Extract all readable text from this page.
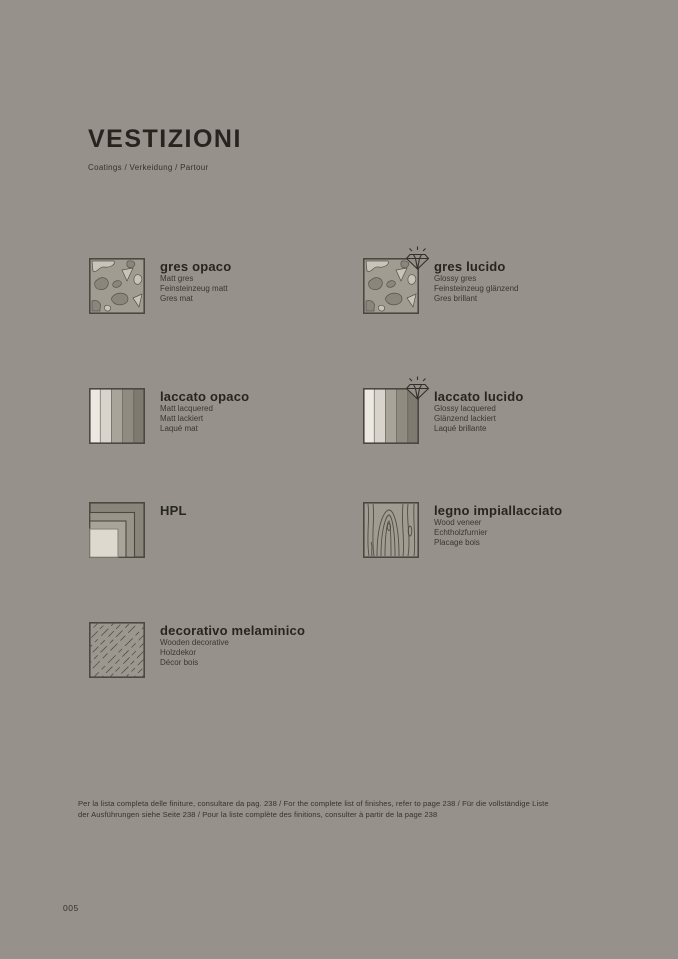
VESTIZIONI
Coatings / Verkeidung / Partour
gres opaco
Matt gres
Feinsteinzeug matt
Gres mat
gres lucido
Glossy gres
Feinsteinzeug glänzend
Gres brillant
laccato opaco
Matt lacquered
Matt lackiert
Laqué mat
laccato lucido
Glossy lacquered
Glänzend lackiert
Laqué brillante
HPL	legno impiallacciato
Wood veneer
Echtholzfurnier
Placage bois
decorativo melaminico
Wooden decorative
Holzdekor
Décor bois
Per la lista completa delle finiture, consultare da pag. 238 / For the complete list of finishes, refer to page 238 / Für die vollständige Liste
der Ausführungen siehe Seite 238 / Pour la liste complète des finitions, consulter à partir de la page 238
005
